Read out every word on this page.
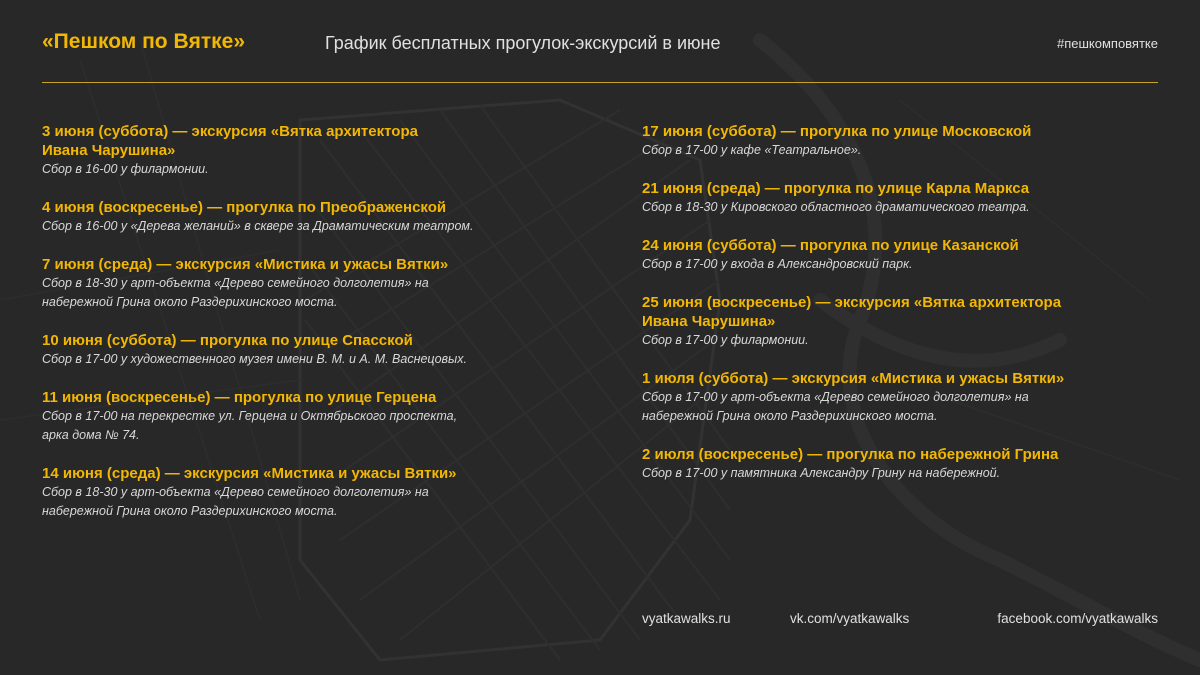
«Пешком по Вятке»	График бесплатных прогулок-экскурсий в июне	#пешкомповятке
3 июня (суббота) — экскурсия «Вятка архитектора
Ивана Чарушина»
Сбор в 16-00 у филармонии.
4 июня (воскресенье) — прогулка по Преображенской
Сбор в 16-00 у «Дерева желаний» в сквере за Драматическим театром.
7 июня (среда) — экскурсия «Мистика и ужасы Вятки»
Сбор в 18-30 у арт-объекта «Дерево семейного долголетия» на
набережной Грина около Раздерихинского моста.
10 июня (суббота) — прогулка по улице Спасской
Сбор в 17-00 у художественного музея имени В. М. и А. М. Васнецовых.
11 июня (воскресенье) — прогулка по улице Герцена
Сбор в 17-00 на перекрестке ул. Герцена и Октябрьского проспекта,
арка дома № 74.
14 июня (среда) — экскурсия «Мистика и ужасы Вятки»
Сбор в 18-30 у арт-объекта «Дерево семейного долголетия» на
набережной Грина около Раздерихинского моста.
17 июня (суббота) — прогулка по улице Московской
Сбор в 17-00 у кафе «Театральное».
21 июня (среда) — прогулка по улице Карла Маркса
Сбор в 18-30 у Кировского областного драматического театра.
24 июня (суббота) — прогулка по улице Казанской
Сбор в 17-00 у входа в Александровский парк.
25 июня (воскресенье) — экскурсия «Вятка архитектора
Ивана Чарушина»
Сбор в 17-00 у филармонии.
1 июля (суббота) — экскурсия «Мистика и ужасы Вятки»
Сбор в 17-00 у арт-объекта «Дерево семейного долголетия» на
набережной Грина около Раздерихинского моста.
2 июля (воскресенье) — прогулка по набережной Грина
Сбор в 17-00 у памятника Александру Грину на набережной.
vyatkawalks.ru	vk.com/vyatkawalks	facebook.com/vyatkawalks
